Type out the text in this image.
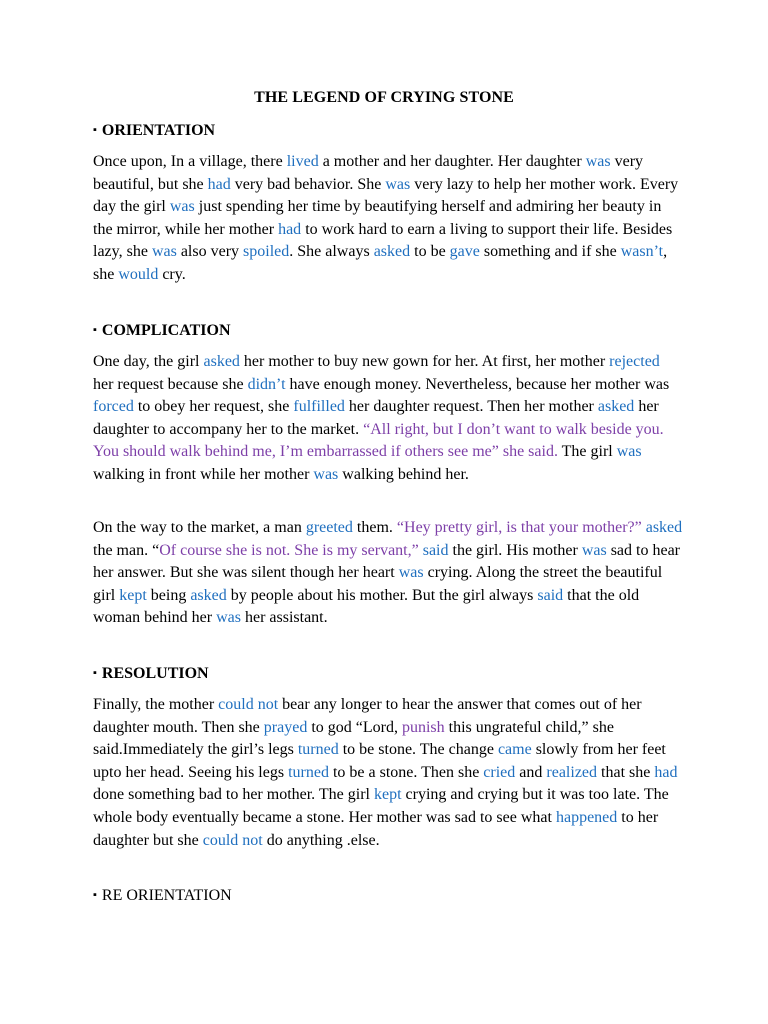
THE LEGEND OF CRYING STONE
▪ ORIENTATION
Once upon, In a village, there lived a mother and her daughter. Her daughter was very beautiful, but she had very bad behavior. She was very lazy to help her mother work. Every day the girl was just spending her time by beautifying herself and admiring her beauty in the mirror, while her mother had to work hard to earn a living to support their life. Besides lazy, she was also very spoiled. She always asked to be gave something and if she wasn’t, she would cry.
▪ COMPLICATION
One day, the girl asked her mother to buy new gown for her. At first, her mother rejected her request because she didn’t have enough money. Nevertheless, because her mother was forced to obey her request, she fulfilled her daughter request. Then her mother asked her daughter to accompany her to the market. “All right, but I don’t want to walk beside you. You should walk behind me, I’m embarrassed if others see me” she said. The girl was walking in front while her mother was walking behind her.
On the way to the market, a man greeted them. “Hey pretty girl, is that your mother?” asked the man. “Of course she is not. She is my servant,” said the girl. His mother was sad to hear her answer. But she was silent though her heart was crying. Along the street the beautiful girl kept being asked by people about his mother. But the girl always said that the old woman behind her was her assistant.
▪ RESOLUTION
Finally, the mother could not bear any longer to hear the answer that comes out of her daughter mouth. Then she prayed to god “Lord, punish this ungrateful child,” she said.Immediately the girl’s legs turned to be stone. The change came slowly from her feet upto her head. Seeing his legs turned to be a stone. Then she cried and realized that she had done something bad to her mother. The girl kept crying and crying but it was too late. The whole body eventually became a stone. Her mother was sad to see what happened to her daughter but she could not do anything .else.
▪ RE ORIENTATION
